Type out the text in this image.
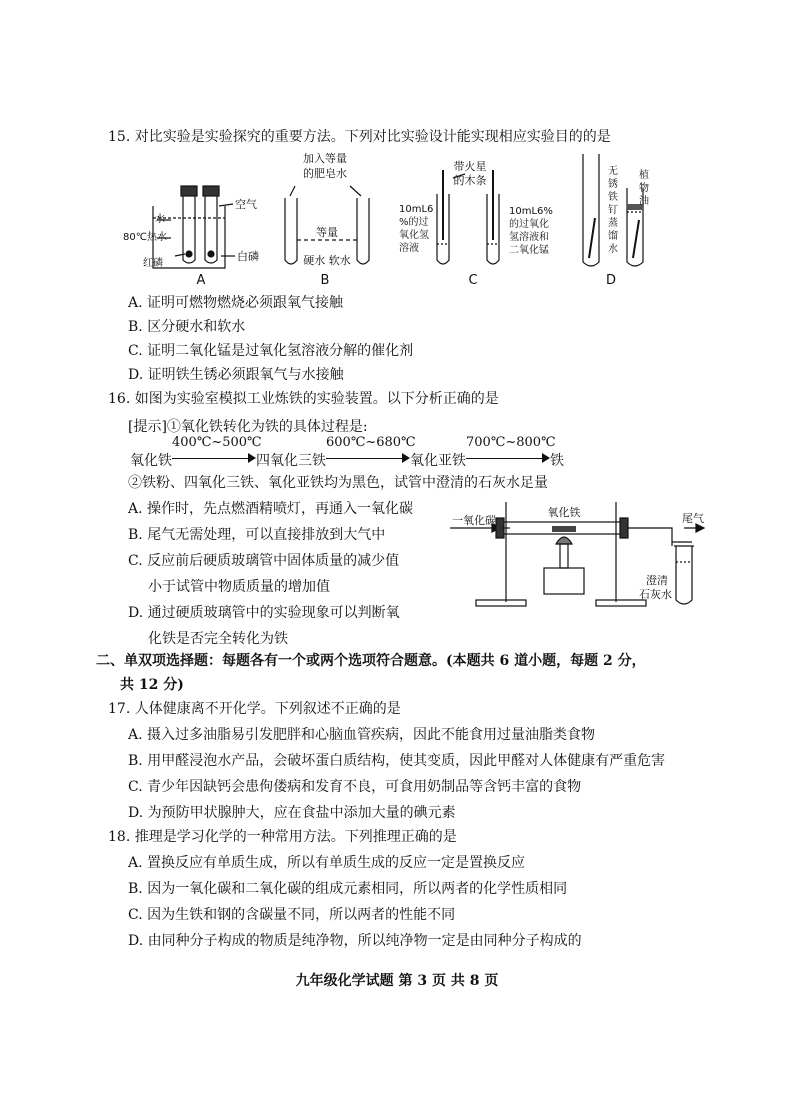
15. 对比实验是实验探究的重要方法。下列对比实验设计能实现相应实验目的的是
空气
水
80℃热水
红磷
白磷
A
加入等量
的肥皂水
等量
硬水 软水
B
带火星
的木条
10mL6
%的过
氧化氢
溶液
10mL6%
的过氧化
氢溶液和
二氧化锰
C
无
锈
铁
钉
蒸
馏
水
植
物
油
D
A. 证明可燃物燃烧必须跟氧气接触
B. 区分硬水和软水
C. 证明二氧化锰是过氧化氢溶液分解的催化剂
D. 证明铁生锈必须跟氧气与水接触
16. 如图为实验室模拟工业炼铁的实验装置。以下分析正确的是
[提示]①氧化铁转化为铁的具体过程是:
氧化铁
400℃~500℃
四氧化三铁
600℃~680℃
氧化亚铁
700℃~800℃
铁
②铁粉、四氧化三铁、氧化亚铁均为黑色，试管中澄清的石灰水足量
A. 操作时，先点燃酒精喷灯，再通入一氧化碳
B. 尾气无需处理，可以直接排放到大气中
C. 反应前后硬质玻璃管中固体质量的减少值
小于试管中物质质量的增加值
D. 通过硬质玻璃管中的实验现象可以判断氧
化铁是否完全转化为铁
一氧化碳
氧化铁	尾气
澄清
石灰水
二、单双项选择题：每题各有一个或两个选项符合题意。(本题共 6 道小题，每题 2 分，
共 12 分)
17. 人体健康离不开化学。下列叙述不正确的是
A. 摄入过多油脂易引发肥胖和心脑血管疾病，因此不能食用过量油脂类食物
B. 用甲醛浸泡水产品，会破坏蛋白质结构，使其变质，因此甲醛对人体健康有严重危害
C. 青少年因缺钙会患佝偻病和发育不良，可食用奶制品等含钙丰富的食物
D. 为预防甲状腺肿大，应在食盐中添加大量的碘元素
18. 推理是学习化学的一种常用方法。下列推理正确的是
A. 置换反应有单质生成，所以有单质生成的反应一定是置换反应
B. 因为一氧化碳和二氧化碳的组成元素相同，所以两者的化学性质相同
C. 因为生铁和钢的含碳量不同，所以两者的性能不同
D. 由同种分子构成的物质是纯净物，所以纯净物一定是由同种分子构成的
九年级化学试题 第 3 页 共 8 页
